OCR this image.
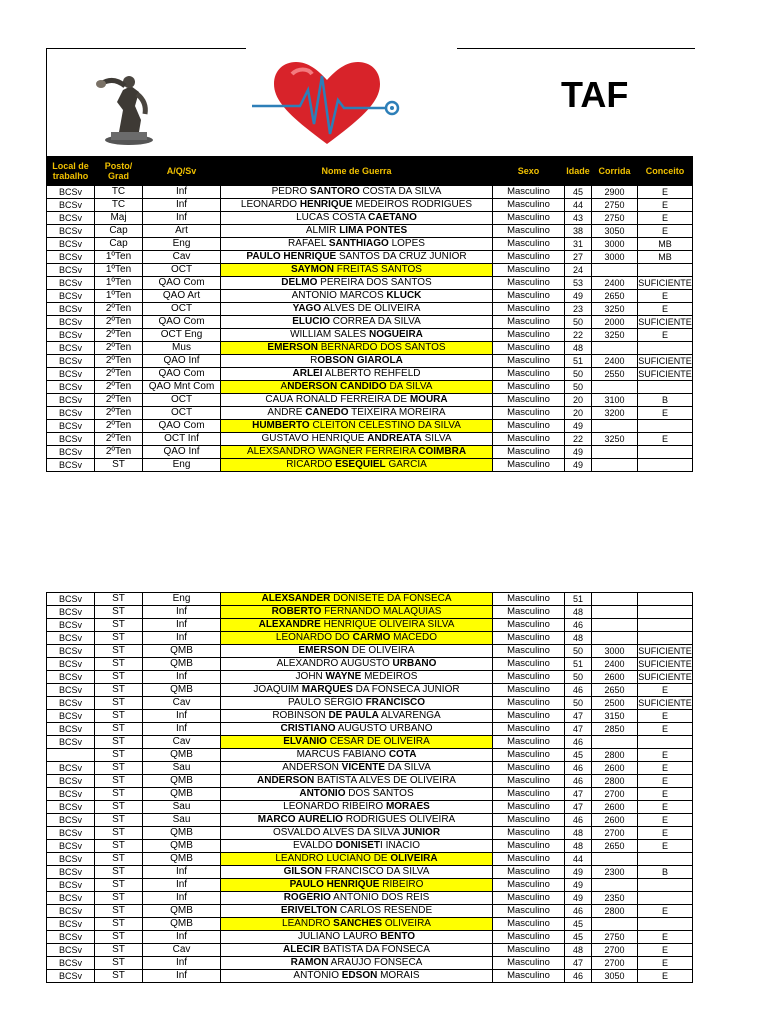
TAF
Local de trabalho	Posto/ Grad	A/Q/Sv	Nome de Guerra	Sexo	Idade	Corrida	Conceito
BCSv	TC	Inf	PEDRO SANTORO COSTA DA SILVA	Masculino	45	2900	E
BCSv	TC	Inf	LEONARDO HENRIQUE MEDEIROS RODRIGUES	Masculino	44	2750	E
BCSv	Maj	Inf	LUCAS COSTA CAETANO	Masculino	43	2750	E
BCSv	Cap	Art	ALMIR LIMA PONTES	Masculino	38	3050	E
BCSv	Cap	Eng	RAFAEL SANTHIAGO LOPES	Masculino	31	3000	MB
BCSv	1ºTen	Cav	PAULO HENRIQUE SANTOS DA CRUZ JUNIOR	Masculino	27	3000	MB
BCSv	1ºTen	OCT	SAYMON FREITAS SANTOS	Masculino	24		
BCSv	1ºTen	QAO Com	DELMO PEREIRA DOS SANTOS	Masculino	53	2400	SUFICIENTE
BCSv	1ºTen	QAO Art	ANTONIO MARCOS KLUCK	Masculino	49	2650	E
BCSv	2ºTen	OCT	YAGO ALVES DE OLIVEIRA	Masculino	23	3250	E
BCSv	2ºTen	QAO Com	ELÚCIO CORREA DA SILVA	Masculino	50	2000	SUFICIENTE
BCSv	2ºTen	OCT Eng	WILLIAM SALES NOGUEIRA	Masculino	22	3250	E
BCSv	2ºTen	Mus	EMERSON BERNARDO DOS SANTOS	Masculino	48		
BCSv	2ºTen	QAO Inf	ROBSON GIAROLA	Masculino	51	2400	SUFICIENTE
BCSv	2ºTen	QAO Com	ARLEI ALBERTO REHFELD	Masculino	50	2550	SUFICIENTE
BCSv	2ºTen	QAO Mnt Com	ANDERSON CANDIDO DA SILVA	Masculino	50		
BCSv	2ºTen	OCT	CAUÃ RONALD FERREIRA DE MOURA	Masculino	20	3100	B
BCSv	2ºTen	OCT	ANDRE CANEDO TEIXEIRA MOREIRA	Masculino	20	3200	E
BCSv	2ºTen	QAO Com	HUMBERTO CLEITON CELESTINO DA SILVA	Masculino	49		
BCSv	2ºTen	OCT Inf	GUSTAVO HENRIQUE ANDREATA SILVA	Masculino	22	3250	E
BCSv	2ºTen	QAO Inf	ALEXSANDRO WAGNER FERREIRA COIMBRA	Masculino	49		
BCSv	ST	Eng	RICARDO ESEQUIEL GARCIA	Masculino	49		
BCSv	ST	Eng	ALEXSANDER DONISETE DA FONSECA	Masculino	51		
BCSv	ST	Inf	ROBERTO FERNANDO MALAQUIAS	Masculino	48		
BCSv	ST	Inf	ALEXANDRE HENRIQUE OLIVEIRA SILVA	Masculino	46		
BCSv	ST	Inf	LEONARDO DO CARMO MACÊDO	Masculino	48		
BCSv	ST	QMB	EMERSON DE OLIVEIRA	Masculino	50	3000	SUFICIENTE
BCSv	ST	QMB	ALEXANDRO AUGUSTO URBANO	Masculino	51	2400	SUFICIENTE
BCSv	ST	Inf	JOHN WAYNE MEDEIROS	Masculino	50	2600	SUFICIENTE
BCSv	ST	QMB	JOAQUIM MARQUES DA FONSECA JUNIOR	Masculino	46	2650	E
BCSv	ST	Cav	PAULO SÉRGIO FRANCISCO	Masculino	50	2500	SUFICIENTE
BCSv	ST	Inf	ROBINSON DE PAULA ALVARENGA	Masculino	47	3150	E
BCSv	ST	Inf	CRISTIANO AUGUSTO URBANO	Masculino	47	2850	E
BCSv	ST	Cav	ELVÂNIO CESAR DE OLIVEIRA	Masculino	46		
	ST	QMB	MARCUS FABIANO COTA	Masculino	45	2800	E
BCSv	ST	Sau	ANDERSON VICENTE DA SILVA	Masculino	46	2600	E
BCSv	ST	QMB	ANDERSON BATISTA ALVES DE OLIVEIRA	Masculino	46	2800	E
BCSv	ST	QMB	ANTÔNIO DOS SANTOS	Masculino	47	2700	E
BCSv	ST	Sau	LEONARDO RIBEIRO MORAES	Masculino	47	2600	E
BCSv	ST	Sau	MARCO AURÉLIO RODRIGUES OLIVEIRA	Masculino	46	2600	E
BCSv	ST	QMB	OSVALDO ALVES DA SILVA JUNIOR	Masculino	48	2700	E
BCSv	ST	QMB	EVALDO DONISETI INÁCIO	Masculino	48	2650	E
BCSv	ST	QMB	LEANDRO LUCIANO DE OLIVEIRA	Masculino	44		
BCSv	ST	Inf	GILSON FRANCISCO DA SILVA	Masculino	49	2300	B
BCSv	ST	Inf	PAULO HENRIQUE RIBEIRO	Masculino	49		
BCSv	ST	Inf	ROGÉRIO ANTÔNIO DOS REIS	Masculino	49	2350	
BCSv	ST	QMB	ERIVELTON CARLOS RESENDE	Masculino	46	2800	E
BCSv	ST	QMB	LEANDRO SANCHES OLIVEIRA	Masculino	45		
BCSv	ST	Inf	JULIANO LAURO BENTO	Masculino	45	2750	E
BCSv	ST	Cav	ALECIR BATISTA DA FONSECA	Masculino	48	2700	E
BCSv	ST	Inf	RAMON ARAÚJO FONSECA	Masculino	47	2700	E
BCSv	ST	Inf	ANTÔNIO EDSON MORAIS	Masculino	46	3050	E
